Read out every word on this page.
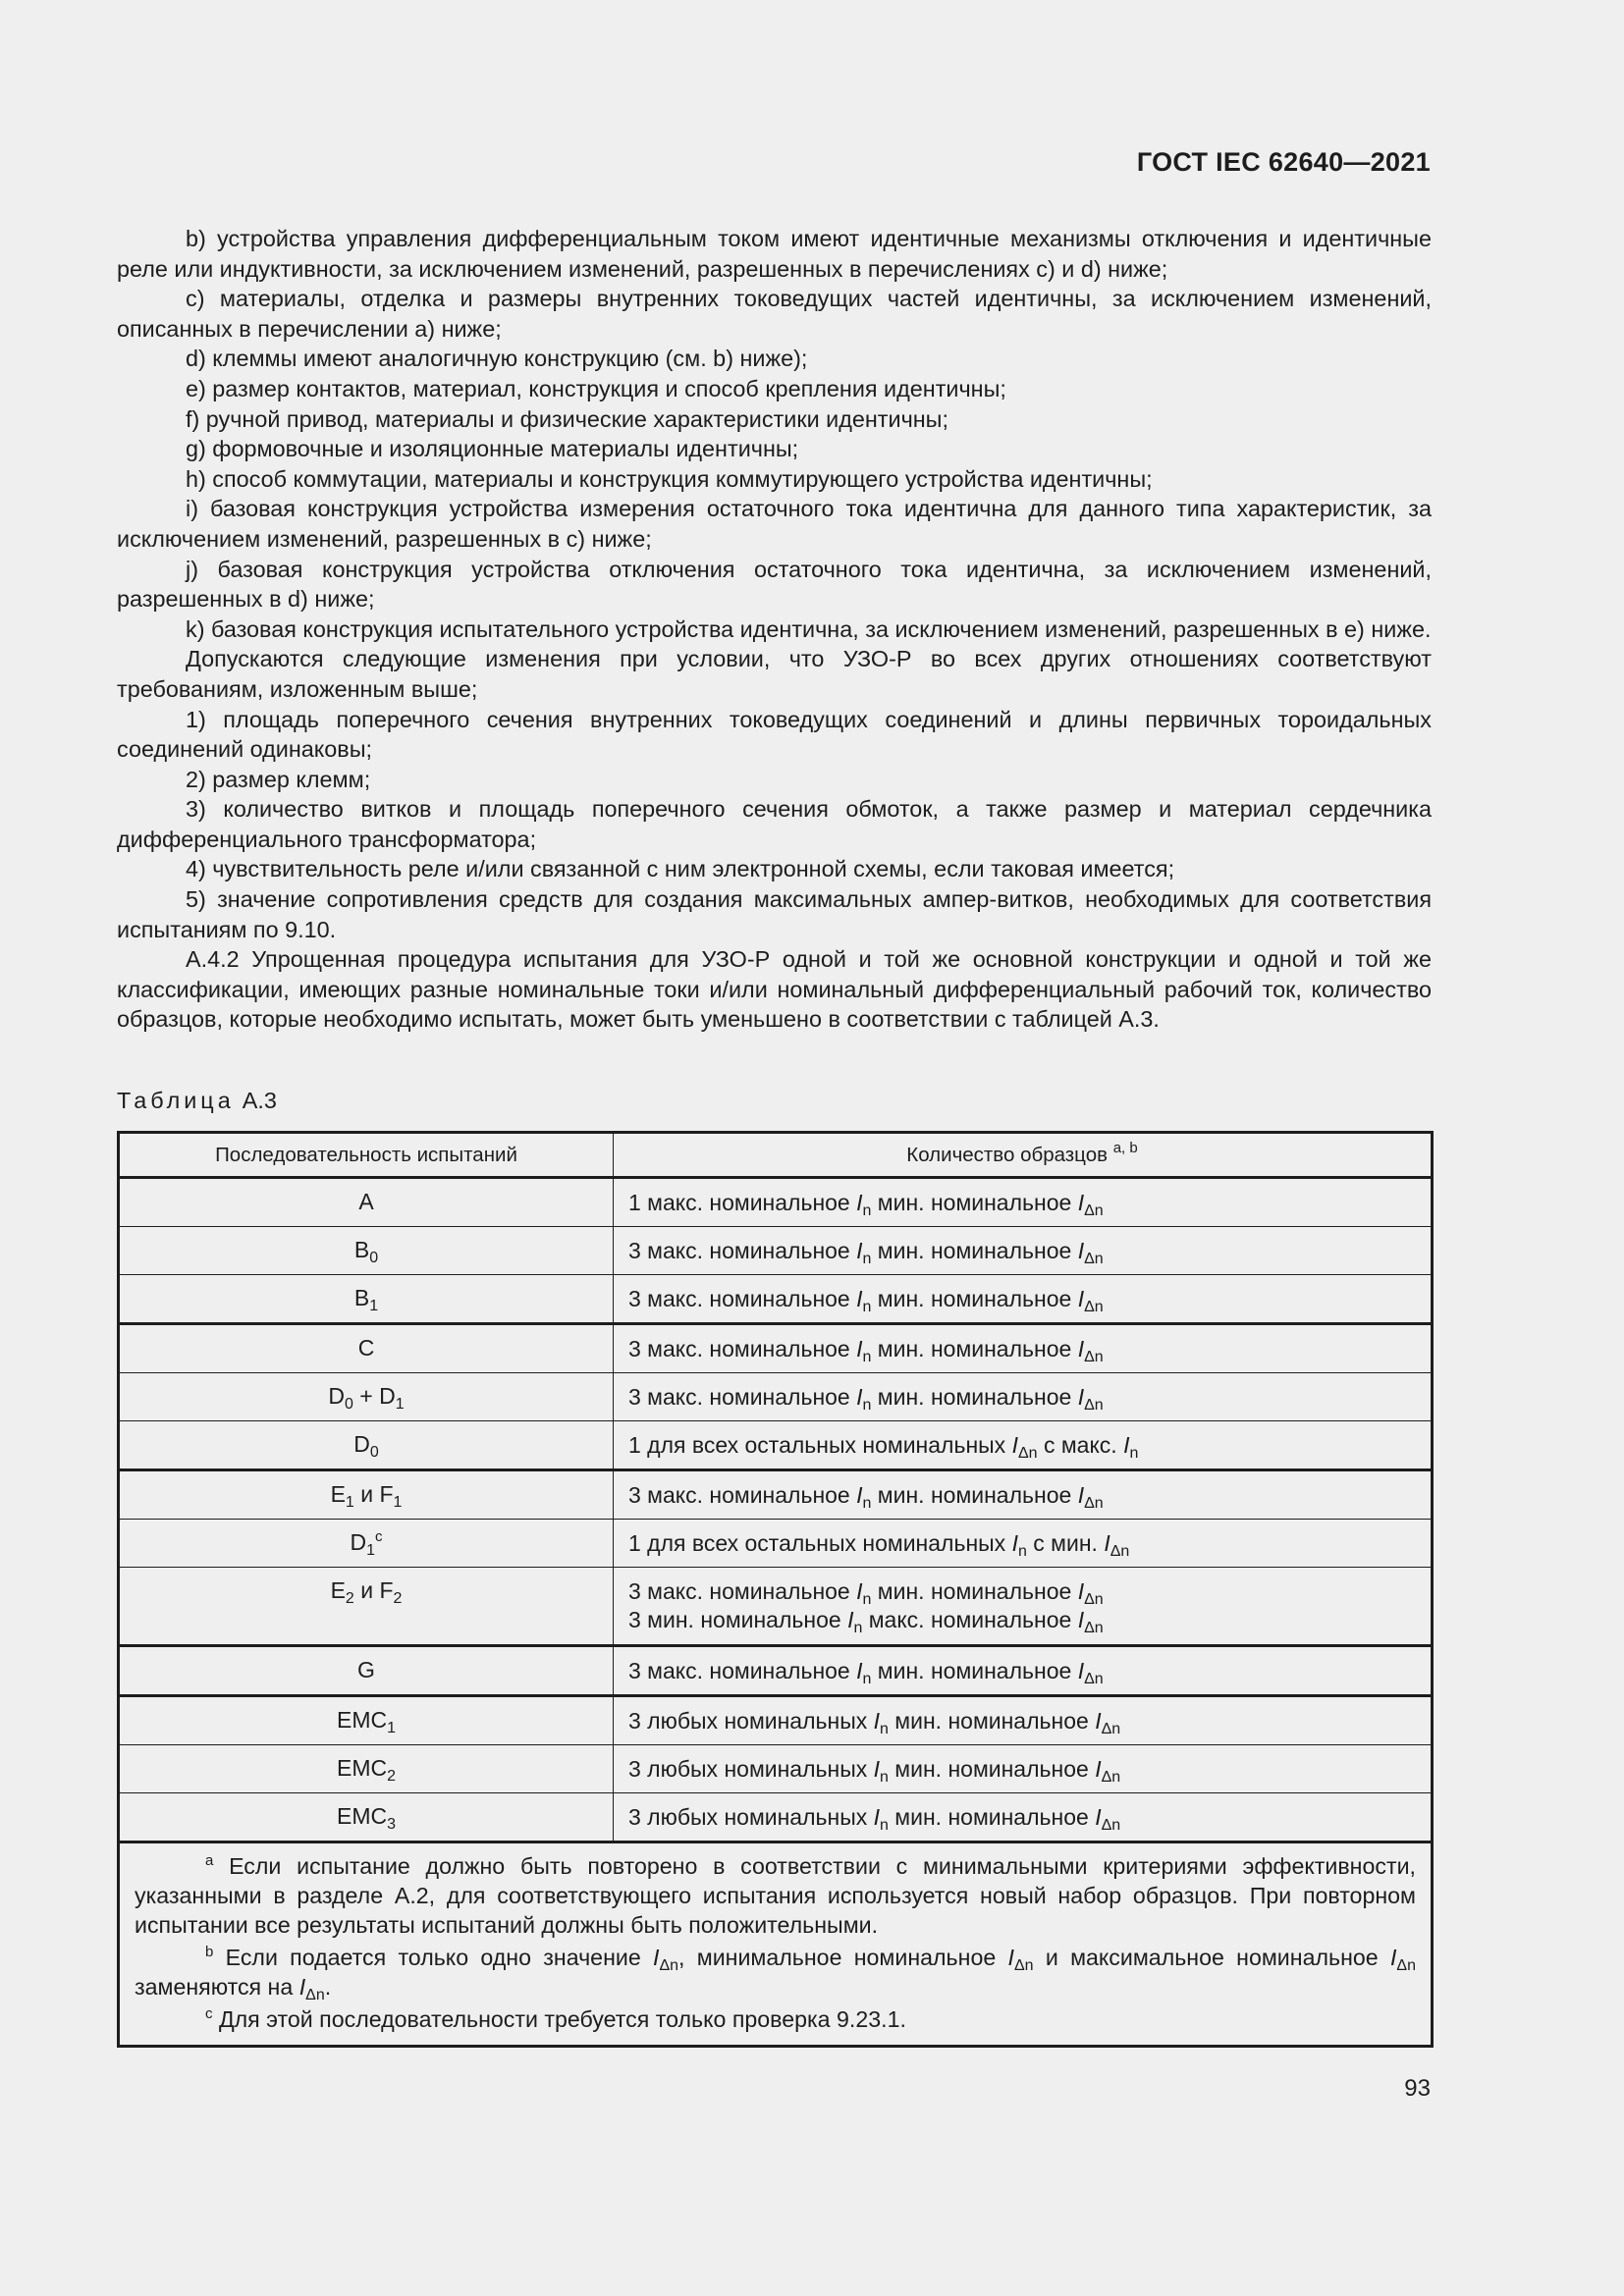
ГОСТ IEC 62640—2021

b) устройства управления дифференциальным током имеют идентичные механизмы отключения и идентичные реле или индуктивности, за исключением изменений, разрешенных в перечислениях c) и d) ниже;

c) материалы, отделка и размеры внутренних токоведущих частей идентичны, за исключением изменений, описанных в перечислении a) ниже;

d) клеммы имеют аналогичную конструкцию (см. b) ниже);

e) размер контактов, материал, конструкция и способ крепления идентичны;

f) ручной привод, материалы и физические характеристики идентичны;

g) формовочные и изоляционные материалы идентичны;

h) способ коммутации, материалы и конструкция коммутирующего устройства идентичны;

i) базовая конструкция устройства измерения остаточного тока идентична для данного типа характеристик, за исключением изменений, разрешенных в c) ниже;

j) базовая конструкция устройства отключения остаточного тока идентична, за исключением изменений, разрешенных в d) ниже;

k) базовая конструкция испытательного устройства идентична, за исключением изменений, разрешенных в e) ниже.

Допускаются следующие изменения при условии, что УЗО-Р во всех других отношениях соответствуют требованиям, изложенным выше;

1) площадь поперечного сечения внутренних токоведущих соединений и длины первичных тороидальных соединений одинаковы;

2) размер клемм;

3) количество витков и площадь поперечного сечения обмоток, а также размер и материал сердечника дифференциального трансформатора;

4) чувствительность реле и/или связанной с ним электронной схемы, если таковая имеется;

5) значение сопротивления средств для создания максимальных ампер-витков, необходимых для соответствия испытаниям по 9.10.

А.4.2 Упрощенная процедура испытания для УЗО-Р одной и той же основной конструкции и одной и той же классификации, имеющих разные номинальные токи и/или номинальный дифференциальный рабочий ток, количество образцов, которые необходимо испытать, может быть уменьшено в соответствии с таблицей А.3.

Таблица А.3
Последовательность испытаний	Количество образцов $^{a, b}$
A	1 макс. номинальное $I_n$ мин. номинальное $I_{\Delta n}$
$B_0$	3 макс. номинальное $I_n$ мин. номинальное $I_{\Delta n}$
$B_1$	3 макс. номинальное $I_n$ мин. номинальное $I_{\Delta n}$
C	3 макс. номинальное $I_n$ мин. номинальное $I_{\Delta n}$
$D_0 + D_1$	3 макс. номинальное $I_n$ мин. номинальное $I_{\Delta n}$
$D_0$	1 для всех остальных номинальных $I_{\Delta n}$ с макс. $I_n$
$E_1$ и $F_1$	3 макс. номинальное $I_n$ мин. номинальное $I_{\Delta n}$
$D_1^c$	1 для всех остальных номинальных $I_n$ с мин. $I_{\Delta n}$
$E_2$ и $F_2$	3 макс. номинальное $I_n$ мин. номинальное $I_{\Delta n}$
3 мин. номинальное $I_n$ макс. номинальное $I_{\Delta n}$
G	3 макс. номинальное $I_n$ мин. номинальное $I_{\Delta n}$
$EMC_1$	3 любых номинальных $I_n$ мин. номинальное $I_{\Delta n}$
$EMC_2$	3 любых номинальных $I_n$ мин. номинальное $I_{\Delta n}$
$EMC_3$	3 любых номинальных $I_n$ мин. номинальное $I_{\Delta n}$

$^a$ Если испытание должно быть повторено в соответствии с минимальными критериями эффективности, указанными в разделе А.2, для соответствующего испытания используется новый набор образцов. При повторном испытании все результаты испытаний должны быть положительными.

$^b$ Если подается только одно значение $I_{\Delta n}$, минимальное номинальное $I_{\Delta n}$ и максимальное номинальное $I_{\Delta n}$ заменяются на $I_{\Delta n}$.

$^c$ Для этой последовательности требуется только проверка 9.23.1.	

93
